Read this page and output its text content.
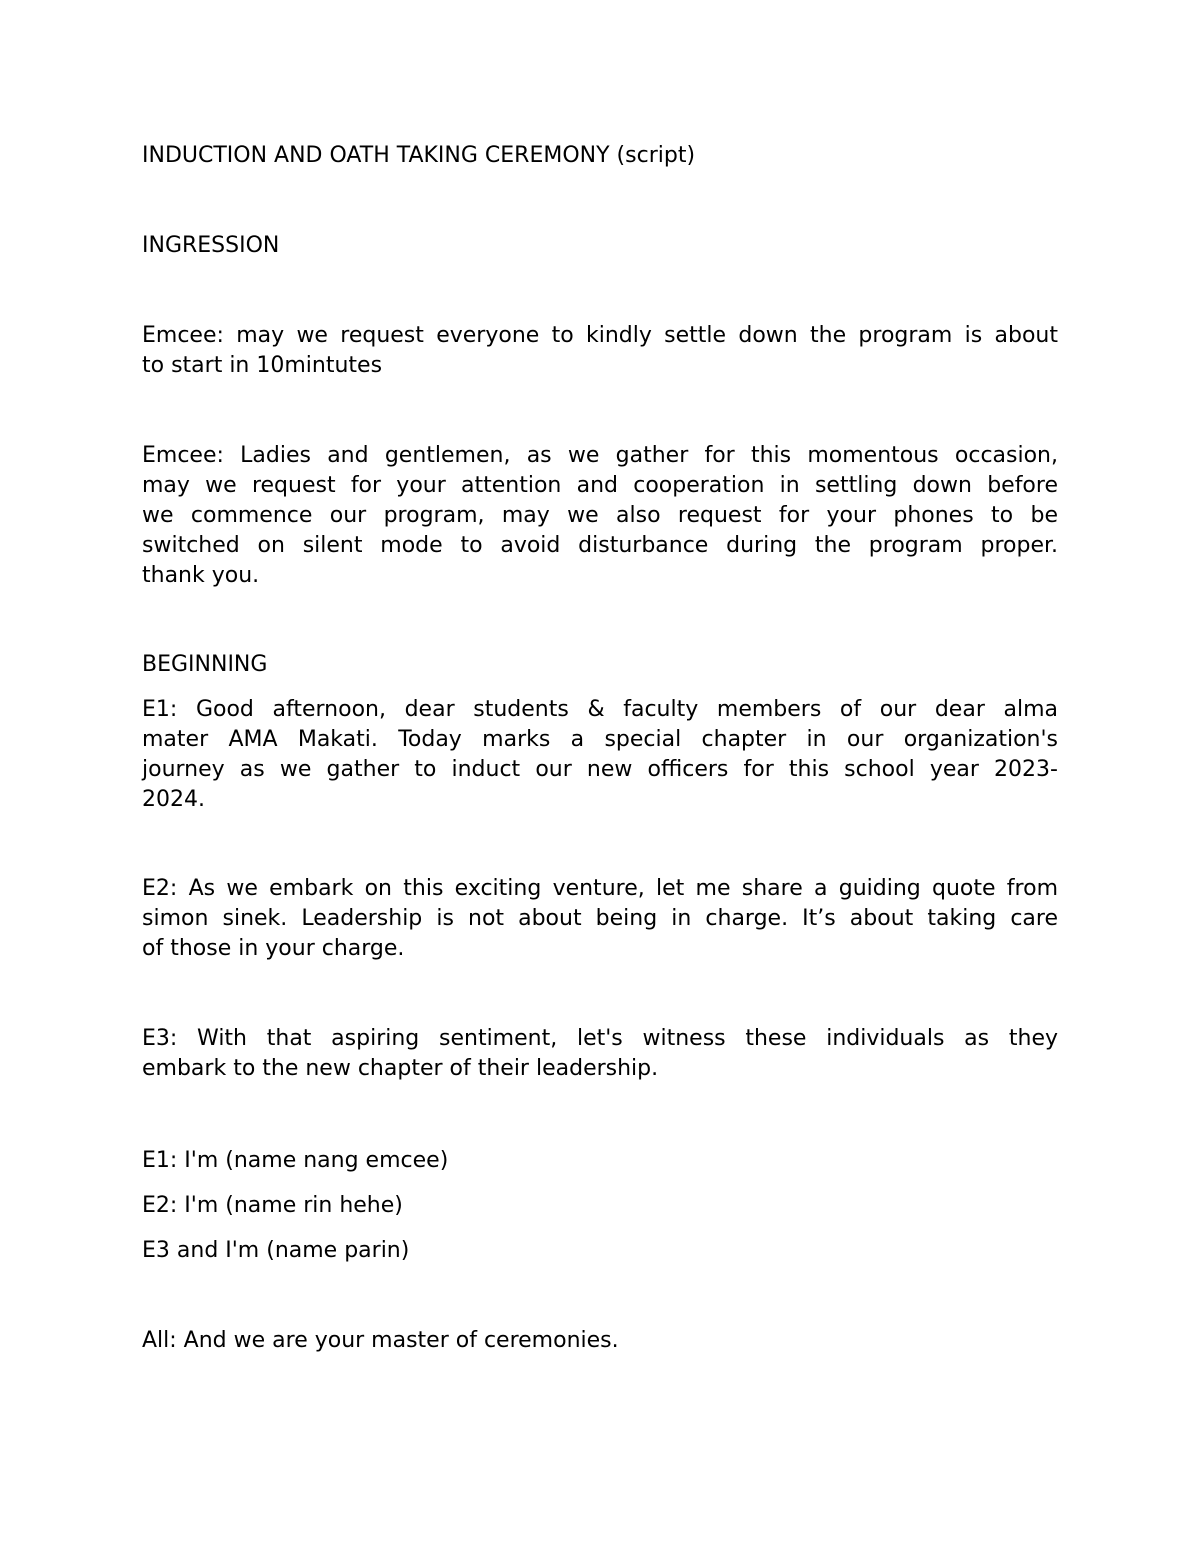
INDUCTION AND OATH TAKING CEREMONY (script)
INGRESSION
Emcee: may we request everyone to kindly settle down the program is about
to start in 10mintutes
Emcee: Ladies and gentlemen, as we gather for this momentous occasion,
may we request for your attention and cooperation in settling down before
we commence our program, may we also request for your phones to be
switched on silent mode to avoid disturbance during the program proper.
thank you.
BEGINNING
E1: Good afternoon, dear students & faculty members of our dear alma
mater AMA Makati. Today marks a special chapter in our organization's
journey as we gather to induct our new officers for this school year 2023-
2024.
E2: As we embark on this exciting venture, let me share a guiding quote from
simon sinek. Leadership is not about being in charge. It’s about taking care
of those in your charge.
E3: With that aspiring sentiment, let's witness these individuals as they
embark to the new chapter of their leadership.
E1: I'm (name nang emcee)
E2: I'm (name rin hehe)
E3 and I'm (name parin)
All: And we are your master of ceremonies.
